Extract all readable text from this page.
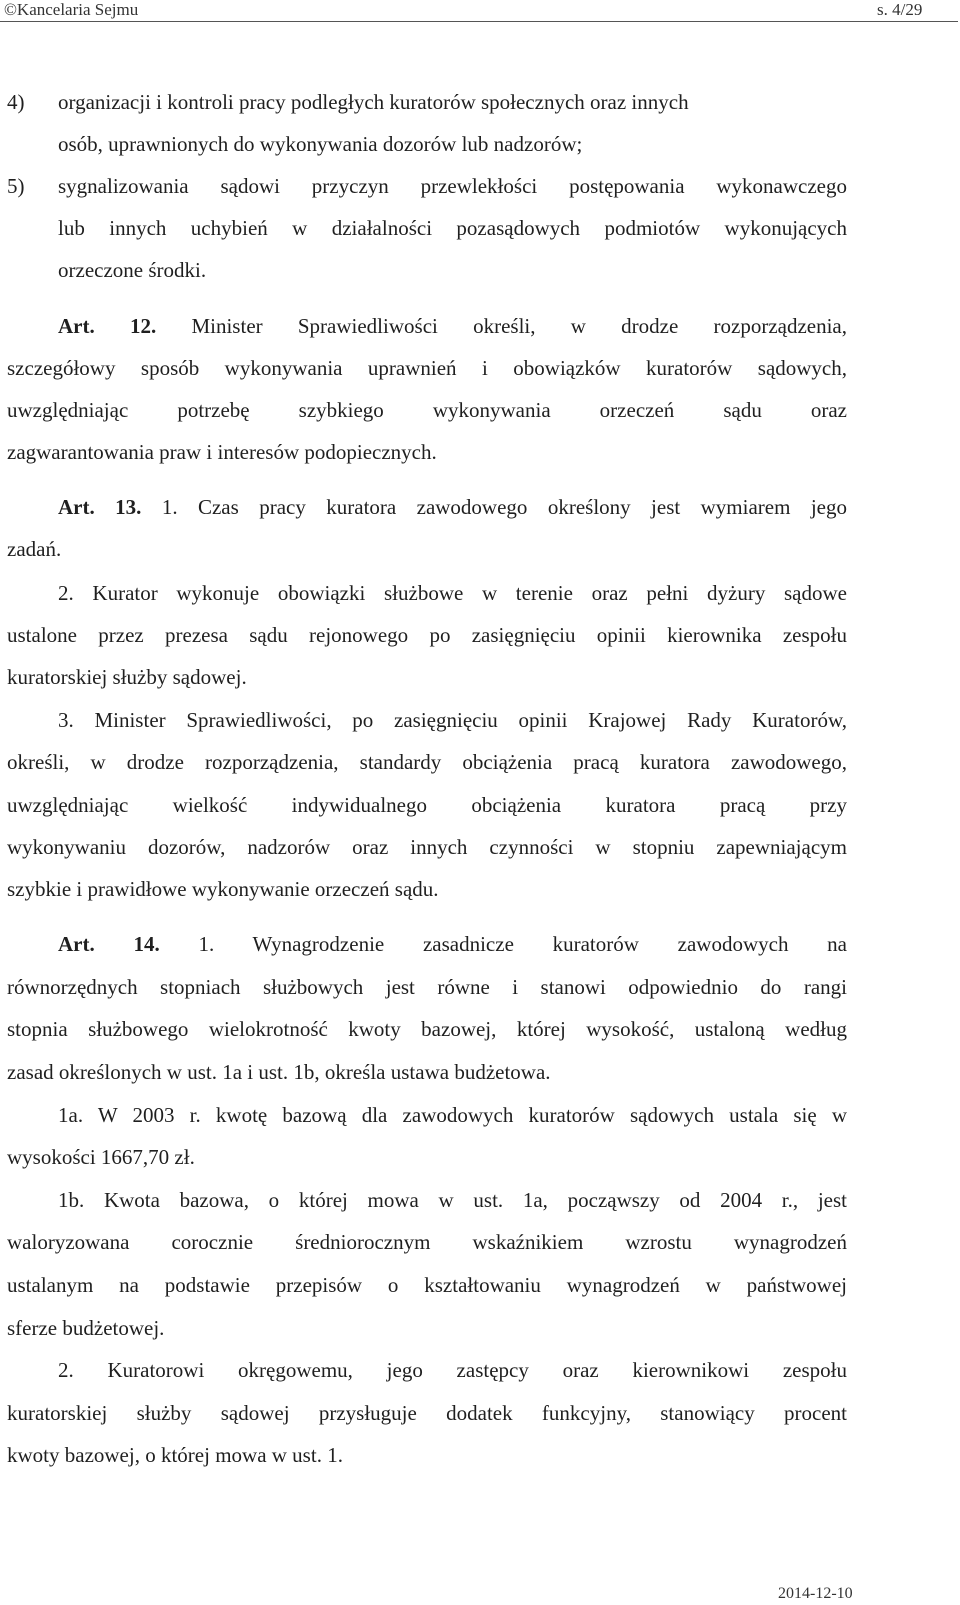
©Kancelaria Sejmu	s. 4/29
4)	organizacji i kontroli pracy podległych kuratorów społecznych oraz innych
osób, uprawnionych do wykonywania dozorów lub nadzorów;
5)	sygnalizowania sądowi przyczyn przewlekłości postępowania wykonawczego
lub innych uchybień w działalności pozasądowych podmiotów wykonujących
orzeczone środki.
Art. 12. Minister Sprawiedliwości określi, w drodze rozporządzenia,
szczegółowy sposób wykonywania uprawnień i obowiązków kuratorów sądowych,
uwzględniając potrzebę szybkiego wykonywania orzeczeń sądu oraz
zagwarantowania praw i interesów podopiecznych.
Art. 13. 1. Czas pracy kuratora zawodowego określony jest wymiarem jego
zadań.
2. Kurator wykonuje obowiązki służbowe w terenie oraz pełni dyżury sądowe
ustalone przez prezesa sądu rejonowego po zasięgnięciu opinii kierownika zespołu
kuratorskiej służby sądowej.
3. Minister Sprawiedliwości, po zasięgnięciu opinii Krajowej Rady Kuratorów,
określi, w drodze rozporządzenia, standardy obciążenia pracą kuratora zawodowego,
uwzględniając wielkość indywidualnego obciążenia kuratora pracą przy
wykonywaniu dozorów, nadzorów oraz innych czynności w stopniu zapewniającym
szybkie i prawidłowe wykonywanie orzeczeń sądu.
Art. 14. 1. Wynagrodzenie zasadnicze kuratorów zawodowych na
równorzędnych stopniach służbowych jest równe i stanowi odpowiednio do rangi
stopnia służbowego wielokrotność kwoty bazowej, której wysokość, ustaloną według
zasad określonych w ust. 1a i ust. 1b, określa ustawa budżetowa.
1a. W 2003 r. kwotę bazową dla zawodowych kuratorów sądowych ustala się w
wysokości 1667,70 zł.
1b. Kwota bazowa, o której mowa w ust. 1a, począwszy od 2004 r., jest
waloryzowana corocznie średniorocznym wskaźnikiem wzrostu wynagrodzeń
ustalanym na podstawie przepisów o kształtowaniu wynagrodzeń w państwowej
sferze budżetowej.
2. Kuratorowi okręgowemu, jego zastępcy oraz kierownikowi zespołu
kuratorskiej służby sądowej przysługuje dodatek funkcyjny, stanowiący procent
kwoty bazowej, o której mowa w ust. 1.
2014-12-10
